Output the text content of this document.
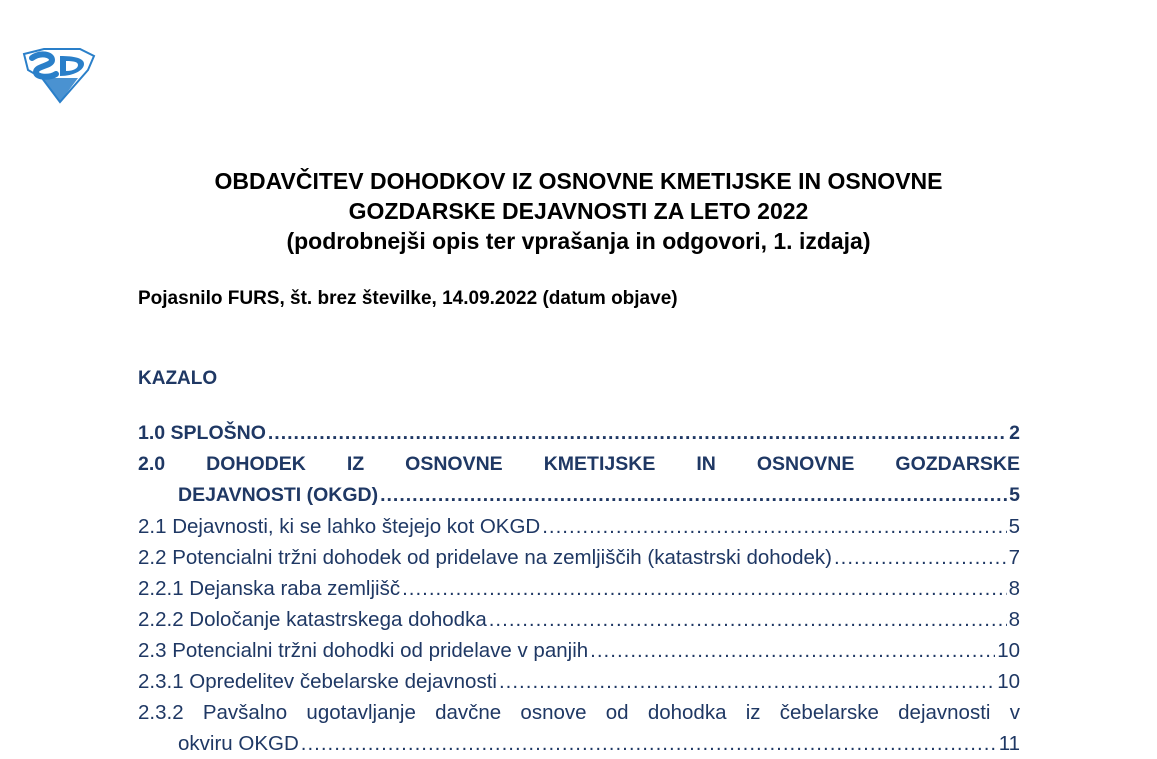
OBDAVČITEV DOHODKOV IZ OSNOVNE KMETIJSKE IN OSNOVNE
GOZDARSKE DEJAVNOSTI ZA LETO 2022
(podrobnejši opis ter vprašanja in odgovori, 1. izdaja)
Pojasnilo FURS, št. brez številke, 14.09.2022 (datum objave)
KAZALO
1.0 SPLOŠNO .....	2
2.0 DOHODEK IZ OSNOVNE KMETIJSKE IN OSNOVNE GOZDARSKE
DEJAVNOSTI (OKGD) .....	5
2.1 Dejavnosti, ki se lahko štejejo kot OKGD .....	5
2.2 Potencialni tržni dohodek od pridelave na zemljiščih (katastrski dohodek) .....	7
2.2.1 Dejanska raba zemljišč .....	8
2.2.2 Določanje katastrskega dohodka .....	8
2.3 Potencialni tržni dohodki od pridelave v panjih .....	10
2.3.1 Opredelitev čebelarske dejavnosti .....	10
2.3.2 Pavšalno ugotavljanje davčne osnove od dohodka iz čebelarske dejavnosti v
okviru OKGD .....	11
